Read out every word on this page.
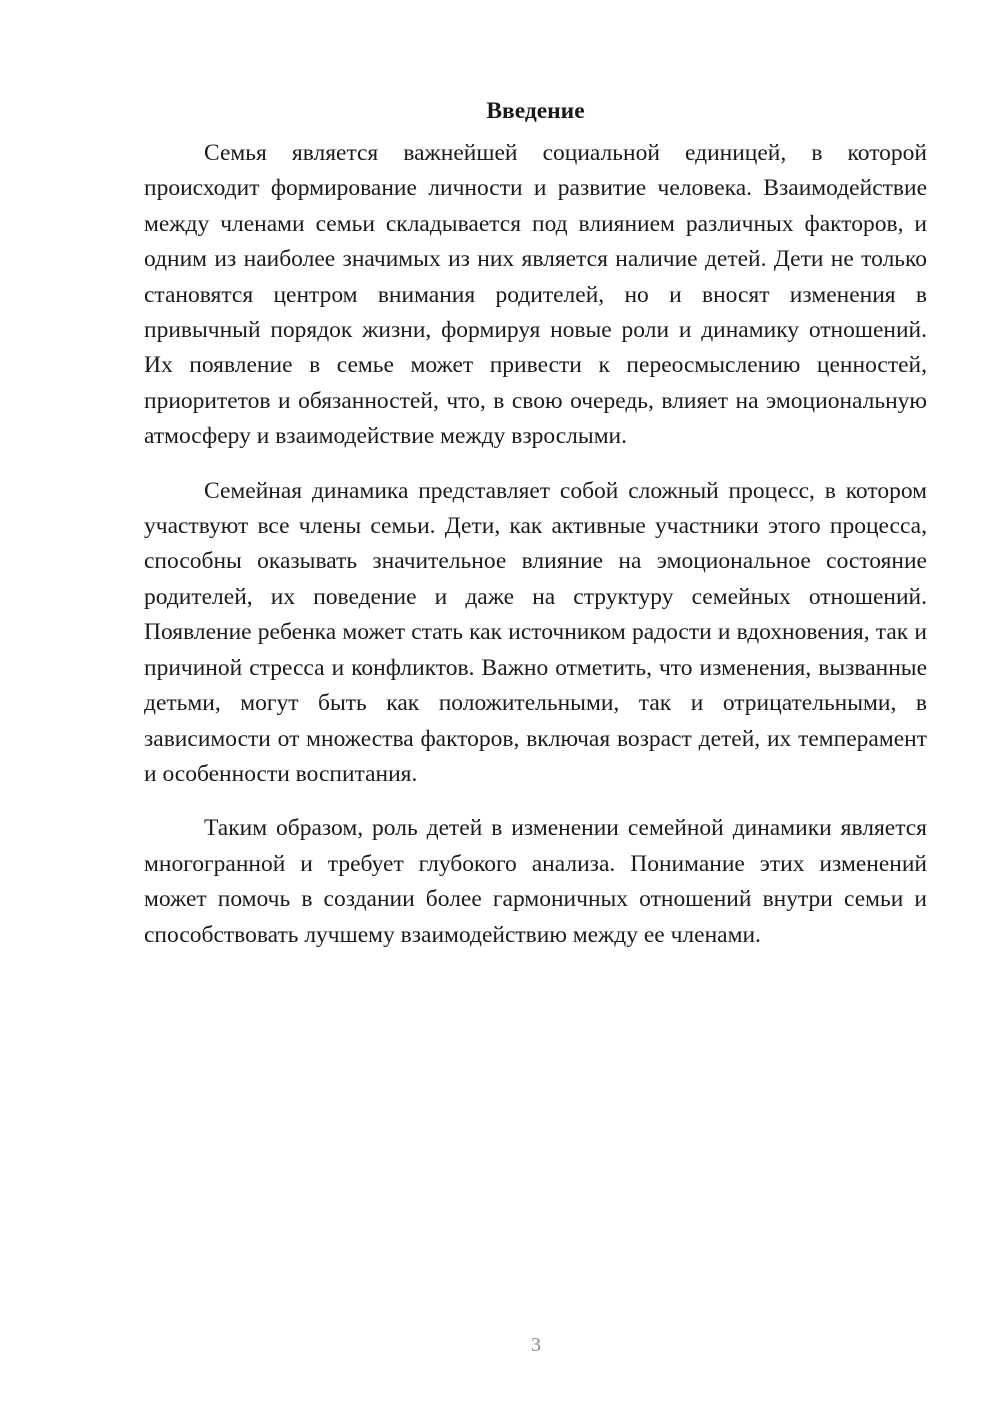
Введение

Семья является важнейшей социальной единицей, в которой происходит формирование личности и развитие человека. Взаимодействие между членами семьи складывается под влиянием различных факторов, и одним из наиболее значимых из них является наличие детей. Дети не только становятся центром внимания родителей, но и вносят изменения в привычный порядок жизни, формируя новые роли и динамику отношений. Их появление в семье может привести к переосмыслению ценностей, приоритетов и обязанностей, что, в свою очередь, влияет на эмоциональную атмосферу и взаимодействие между взрослыми.

Семейная динамика представляет собой сложный процесс, в котором участвуют все члены семьи. Дети, как активные участники этого процесса, способны оказывать значительное влияние на эмоциональное состояние родителей, их поведение и даже на структуру семейных отношений. Появление ребенка может стать как источником радости и вдохновения, так и причиной стресса и конфликтов. Важно отметить, что изменения, вызванные детьми, могут быть как положительными, так и отрицательными, в зависимости от множества факторов, включая возраст детей, их темперамент и особенности воспитания.

Таким образом, роль детей в изменении семейной динамики является многогранной и требует глубокого анализа. Понимание этих изменений может помочь в создании более гармоничных отношений внутри семьи и способствовать лучшему взаимодействию между ее членами.

3
